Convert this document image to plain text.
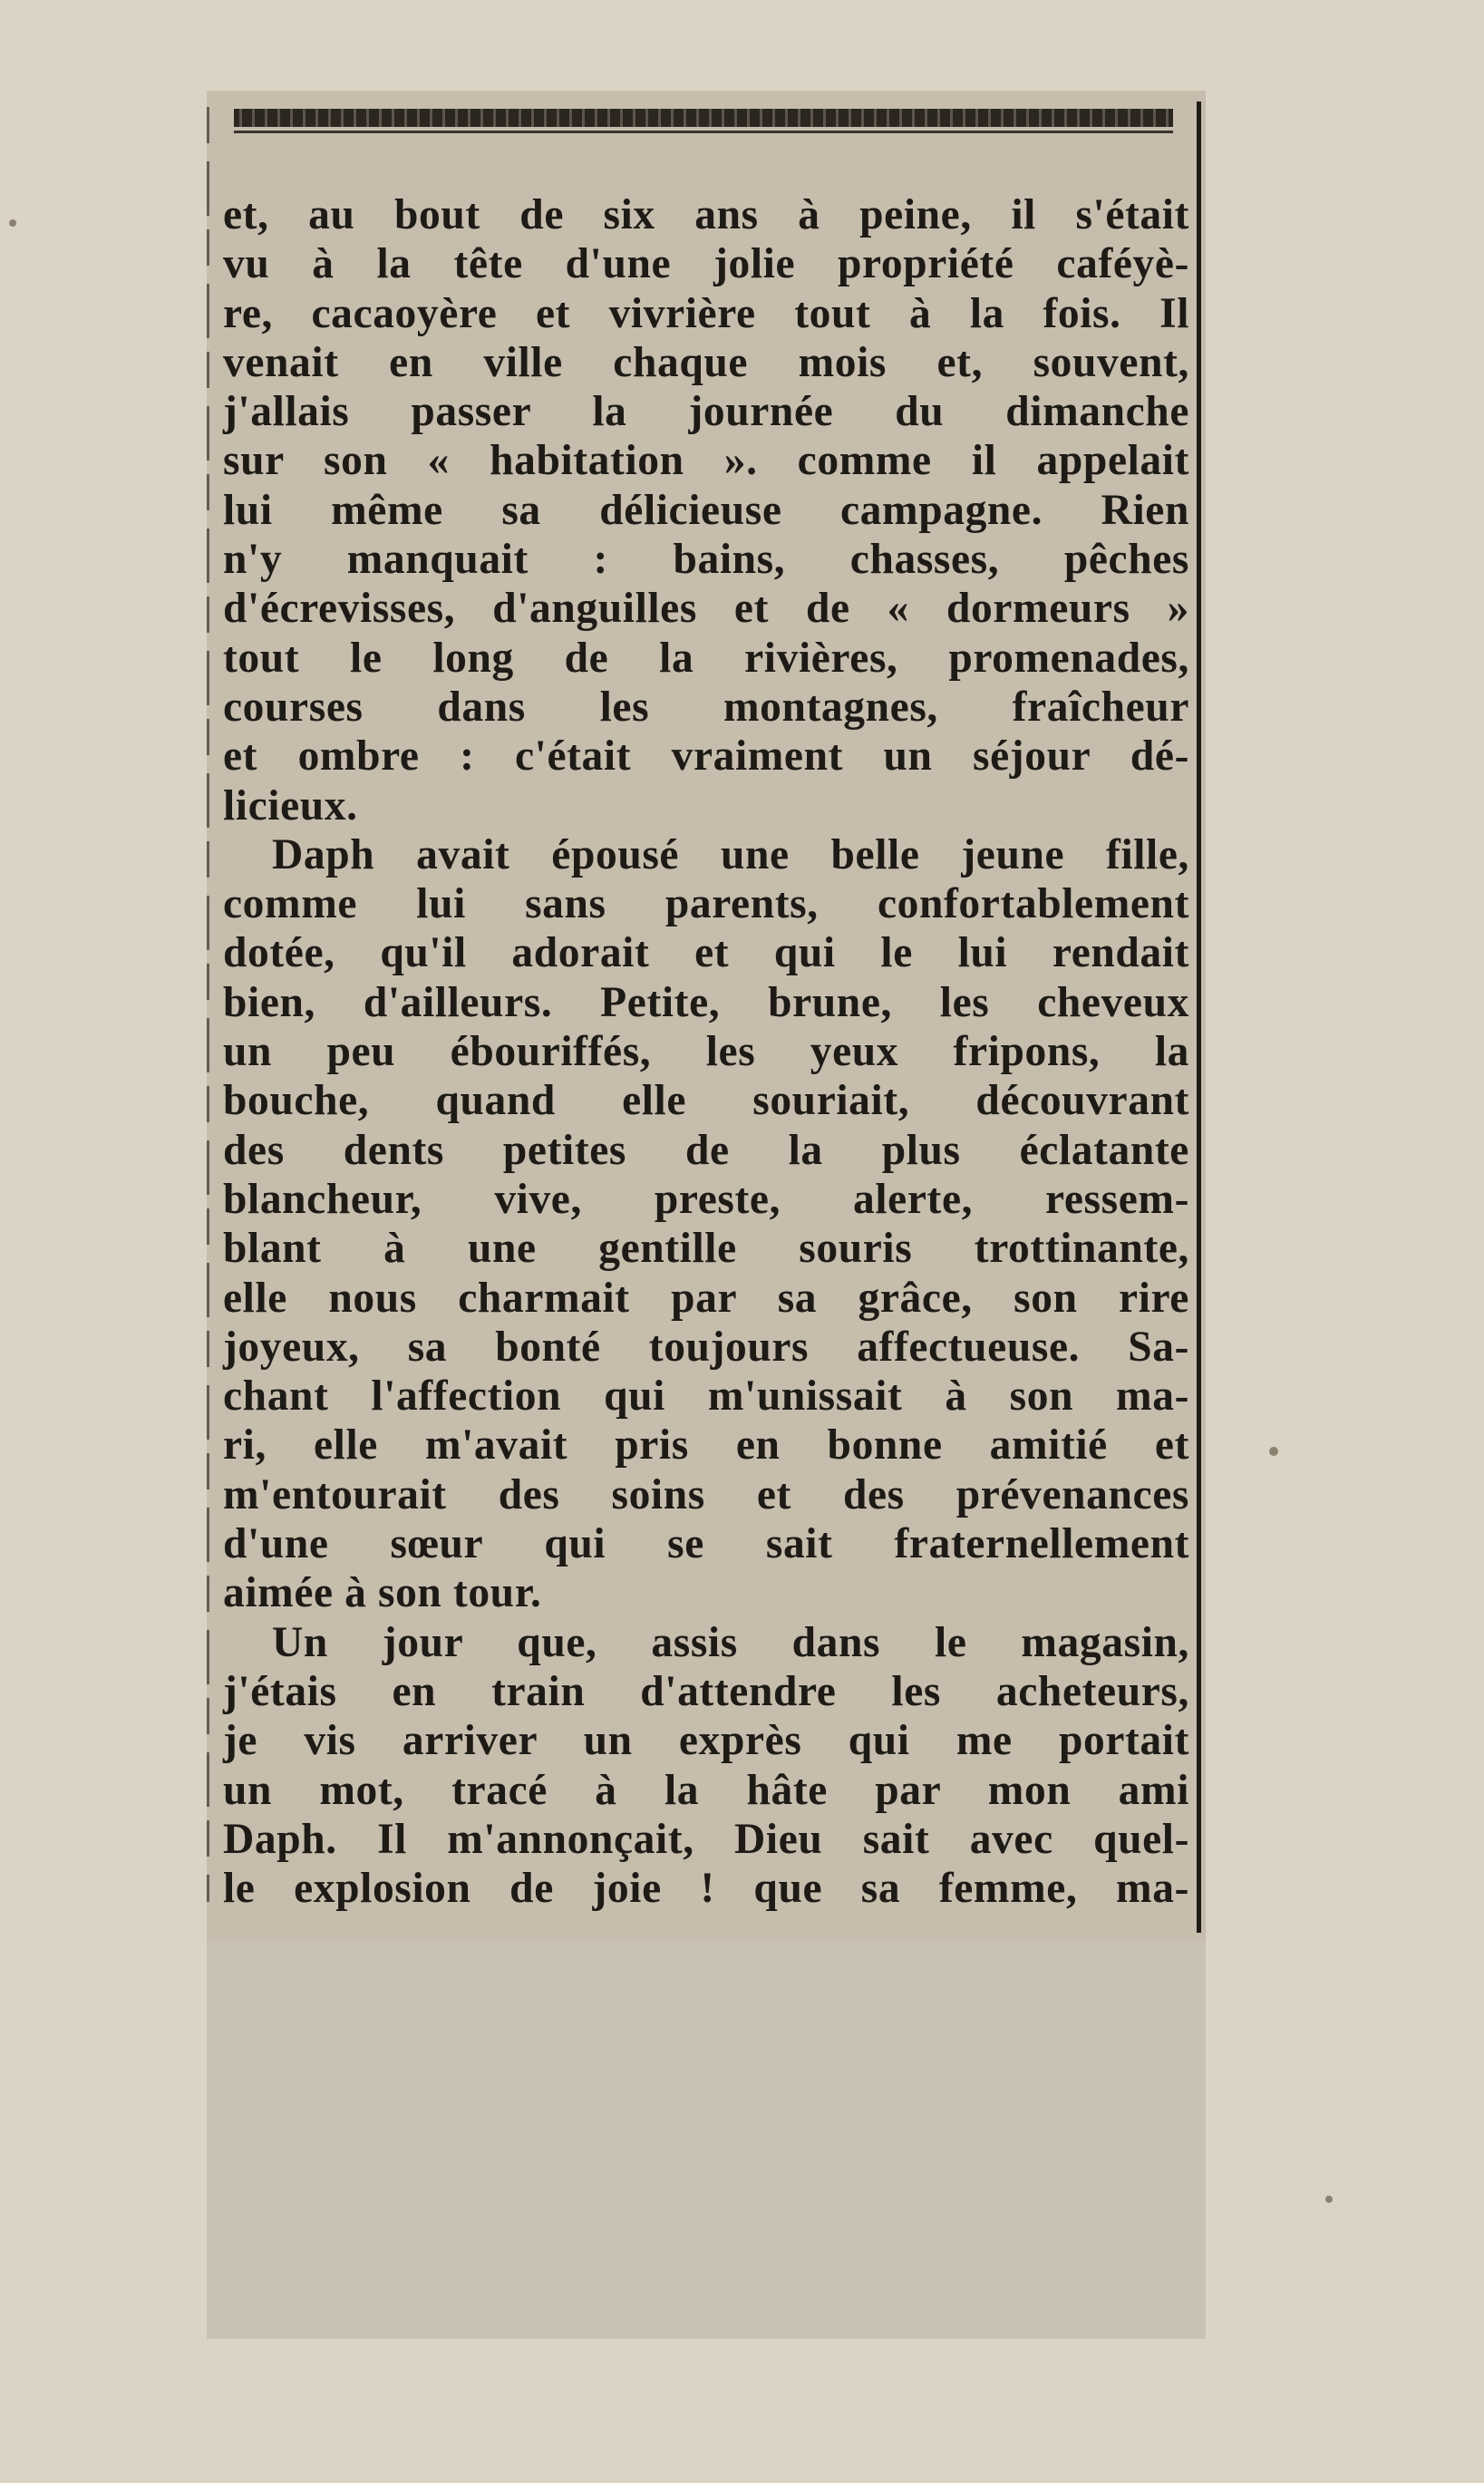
et, au bout de six ans à peine, il s'était
vu à la tête d'une jolie propriété caféyè-
re, cacaoyère et vivrière tout à la fois. Il
venait en ville chaque mois et, souvent,
j'allais passer la journée du dimanche
sur son « habitation ». comme il appelait
lui même sa délicieuse campagne. Rien
n'y manquait : bains, chasses, pêches
d'écrevisses, d'anguilles et de « dormeurs »
tout le long de la rivières, promenades,
courses dans les montagnes, fraîcheur
et ombre : c'était vraiment un séjour dé-
licieux.
Daph avait épousé une belle jeune fille,
comme lui sans parents, confortablement
dotée, qu'il adorait et qui le lui rendait
bien, d'ailleurs. Petite, brune, les cheveux
un peu ébouriffés, les yeux fripons, la
bouche, quand elle souriait, découvrant
des dents petites de la plus éclatante
blancheur, vive, preste, alerte, ressem-
blant à une gentille souris trottinante,
elle nous charmait par sa grâce, son rire
joyeux, sa bonté toujours affectueuse. Sa-
chant l'affection qui m'unissait à son ma-
ri, elle m'avait pris en bonne amitié et
m'entourait des soins et des prévenances
d'une sœur qui se sait fraternellement
aimée à son tour.
Un jour que, assis dans le magasin,
j'étais en train d'attendre les acheteurs,
je vis arriver un exprès qui me portait
un mot, tracé à la hâte par mon ami
Daph. Il m'annonçait, Dieu sait avec quel-
le explosion de joie ! que sa femme, ma-
